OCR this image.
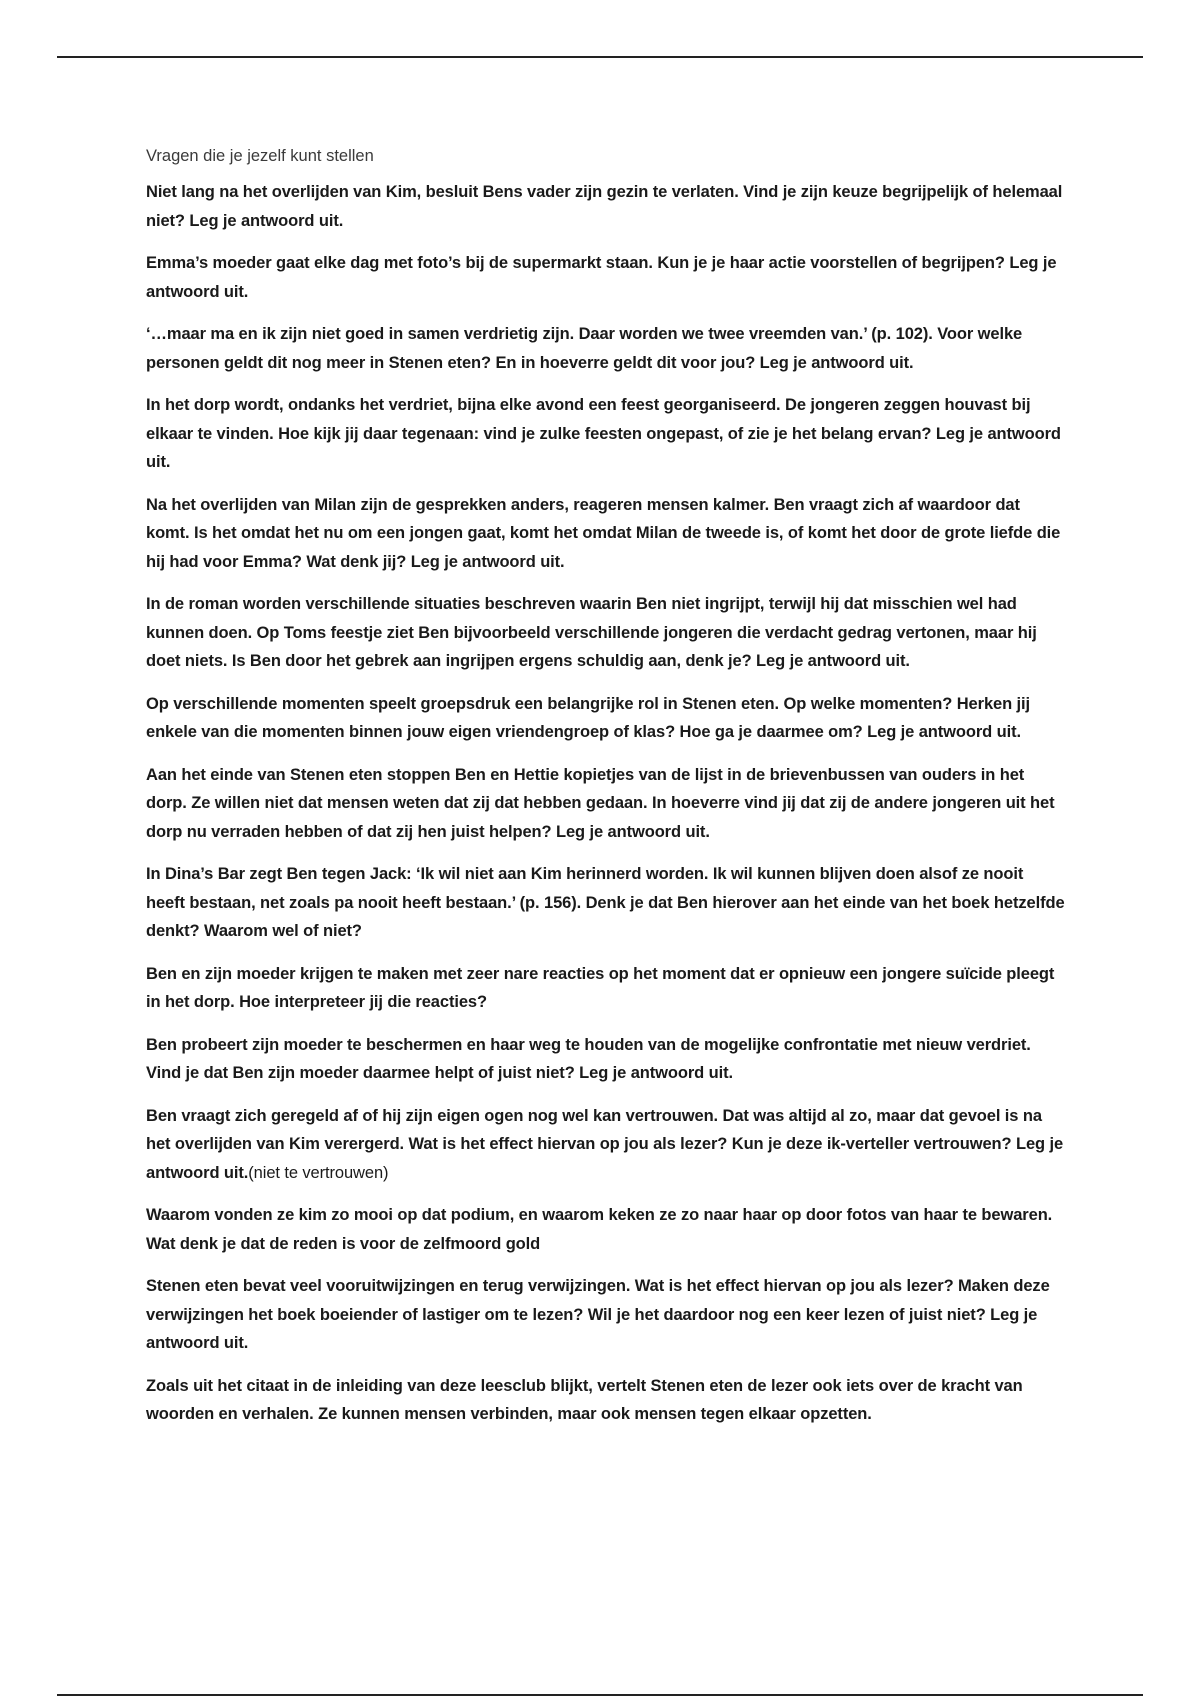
Vragen die je jezelf kunt stellen

Niet lang na het overlijden van Kim, besluit Bens vader zijn gezin te verlaten. Vind je zijn keuze begrijpelijk of helemaal niet? Leg je antwoord uit.

Emma’s moeder gaat elke dag met foto’s bij de supermarkt staan. Kun je je haar actie voorstellen of begrijpen? Leg je antwoord uit.

‘…maar ma en ik zijn niet goed in samen verdrietig zijn. Daar worden we twee vreemden van.’ (p. 102). Voor welke personen geldt dit nog meer in Stenen eten? En in hoeverre geldt dit voor jou? Leg je antwoord uit.

In het dorp wordt, ondanks het verdriet, bijna elke avond een feest georganiseerd. De jongeren zeggen houvast bij elkaar te vinden. Hoe kijk jij daar tegenaan: vind je zulke feesten ongepast, of zie je het belang ervan? Leg je antwoord uit.

Na het overlijden van Milan zijn de gesprekken anders, reageren mensen kalmer. Ben vraagt zich af waardoor dat komt. Is het omdat het nu om een jongen gaat, komt het omdat Milan de tweede is, of komt het door de grote liefde die hij had voor Emma? Wat denk jij? Leg je antwoord uit.

In de roman worden verschillende situaties beschreven waarin Ben niet ingrijpt, terwijl hij dat misschien wel had kunnen doen. Op Toms feestje ziet Ben bijvoorbeeld verschillende jongeren die verdacht gedrag vertonen, maar hij doet niets. Is Ben door het gebrek aan ingrijpen ergens schuldig aan, denk je? Leg je antwoord uit.

Op verschillende momenten speelt groepsdruk een belangrijke rol in Stenen eten. Op welke momenten? Herken jij enkele van die momenten binnen jouw eigen vriendengroep of klas? Hoe ga je daarmee om? Leg je antwoord uit.

Aan het einde van Stenen eten stoppen Ben en Hettie kopietjes van de lijst in de brievenbussen van ouders in het dorp. Ze willen niet dat mensen weten dat zij dat hebben gedaan. In hoeverre vind jij dat zij de andere jongeren uit het dorp nu verraden hebben of dat zij hen juist helpen? Leg je antwoord uit.

In Dina’s Bar zegt Ben tegen Jack: ‘Ik wil niet aan Kim herinnerd worden. Ik wil kunnen blijven doen alsof ze nooit heeft bestaan, net zoals pa nooit heeft bestaan.’ (p. 156). Denk je dat Ben hierover aan het einde van het boek hetzelfde denkt? Waarom wel of niet?

Ben en zijn moeder krijgen te maken met zeer nare reacties op het moment dat er opnieuw een jongere suïcide pleegt in het dorp. Hoe interpreteer jij die reacties?

Ben probeert zijn moeder te beschermen en haar weg te houden van de mogelijke confrontatie met nieuw verdriet. Vind je dat Ben zijn moeder daarmee helpt of juist niet? Leg je antwoord uit.

Ben vraagt zich geregeld af of hij zijn eigen ogen nog wel kan vertrouwen. Dat was altijd al zo, maar dat gevoel is na het overlijden van Kim verergerd. Wat is het effect hiervan op jou als lezer? Kun je deze ik-verteller vertrouwen? Leg je antwoord uit.(niet te vertrouwen)

Waarom vonden ze kim zo mooi op dat podium, en waarom keken ze zo naar haar op door fotos van haar te bewaren. Wat denk je dat de reden is voor de zelfmoord gold

Stenen eten bevat veel vooruitwijzingen en terug verwijzingen. Wat is het effect hiervan op jou als lezer? Maken deze verwijzingen het boek boeiender of lastiger om te lezen? Wil je het daardoor nog een keer lezen of juist niet? Leg je antwoord uit.

Zoals uit het citaat in de inleiding van deze leesclub blijkt, vertelt Stenen eten de lezer ook iets over de kracht van woorden en verhalen. Ze kunnen mensen verbinden, maar ook mensen tegen elkaar opzetten.
